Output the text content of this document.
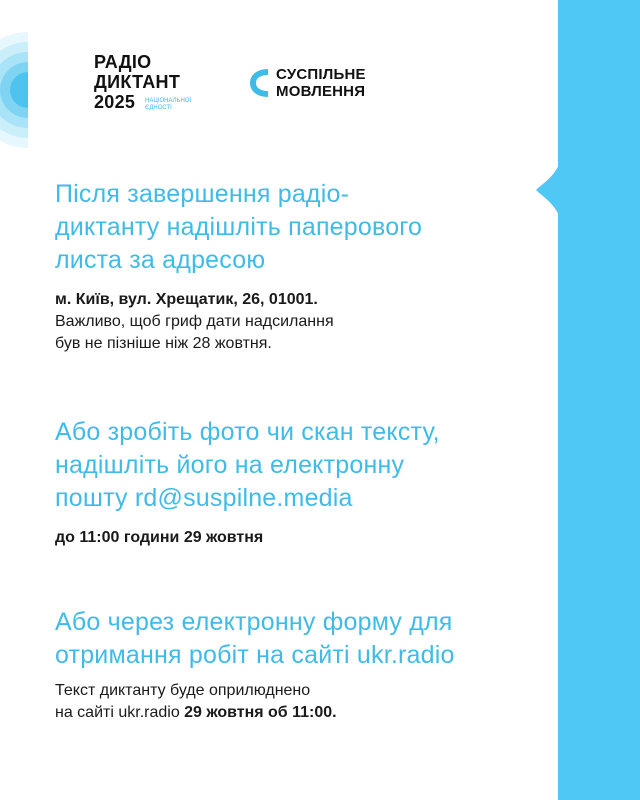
РАДІО

ДИКТАНТ

2025	НАЦІОНАЛЬНОЇ
ЄДНОСТІ
СУСПІЛЬНЕ
МОВЛЕННЯ

Після завершення радіо-

диктанту надішліть паперового

листа за адресою

м. Київ, вул. Хрещатик, 26, 01001.

Важливо, щоб гриф дати надсилання

був не пізніше ніж 28 жовтня.

Або зробіть фото чи скан тексту,

надішліть його на електронну

пошту rd@suspilne.media

до 11:00 години 29 жовтня

Або через електронну форму для

отримання робіт на сайті ukr.radio

Текст диктанту буде оприлюднено

на сайті ukr.radio 29 жовтня об 11:00.
